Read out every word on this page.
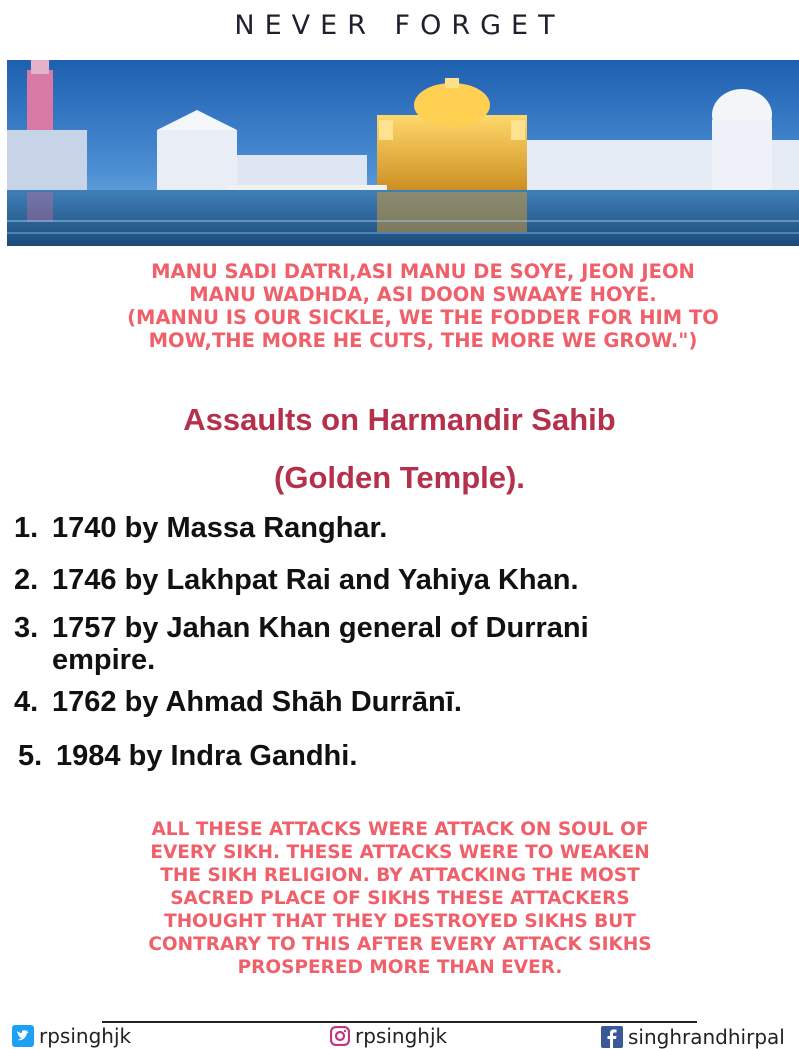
NEVER FORGET
MANU SADI DATRI,ASI MANU DE SOYE, JEON JEON
MANU WADHDA, ASI DOON SWAAYE HOYE.
(MANNU IS OUR SICKLE, WE THE FODDER FOR HIM TO
MOW,THE MORE HE CUTS, THE MORE WE GROW.")
Assaults on Harmandir Sahib
(Golden Temple).
1. 1740 by Massa Ranghar.
2. 1746 by Lakhpat Rai and Yahiya Khan.
3. 1757 by Jahan Khan general of Durrani empire.
4. 1762 by Ahmad Shāh Durrānī.
5. 1984 by Indra Gandhi.
ALL THESE ATTACKS WERE ATTACK ON SOUL OF
EVERY SIKH. THESE ATTACKS WERE TO WEAKEN
THE SIKH RELIGION. BY ATTACKING THE MOST
SACRED PLACE OF SIKHS THESE ATTACKERS
THOUGHT THAT THEY DESTROYED SIKHS BUT
CONTRARY TO THIS AFTER EVERY ATTACK SIKHS
PROSPERED MORE THAN EVER.
rpsinghjk	rpsinghjk	singhrandhirpal
